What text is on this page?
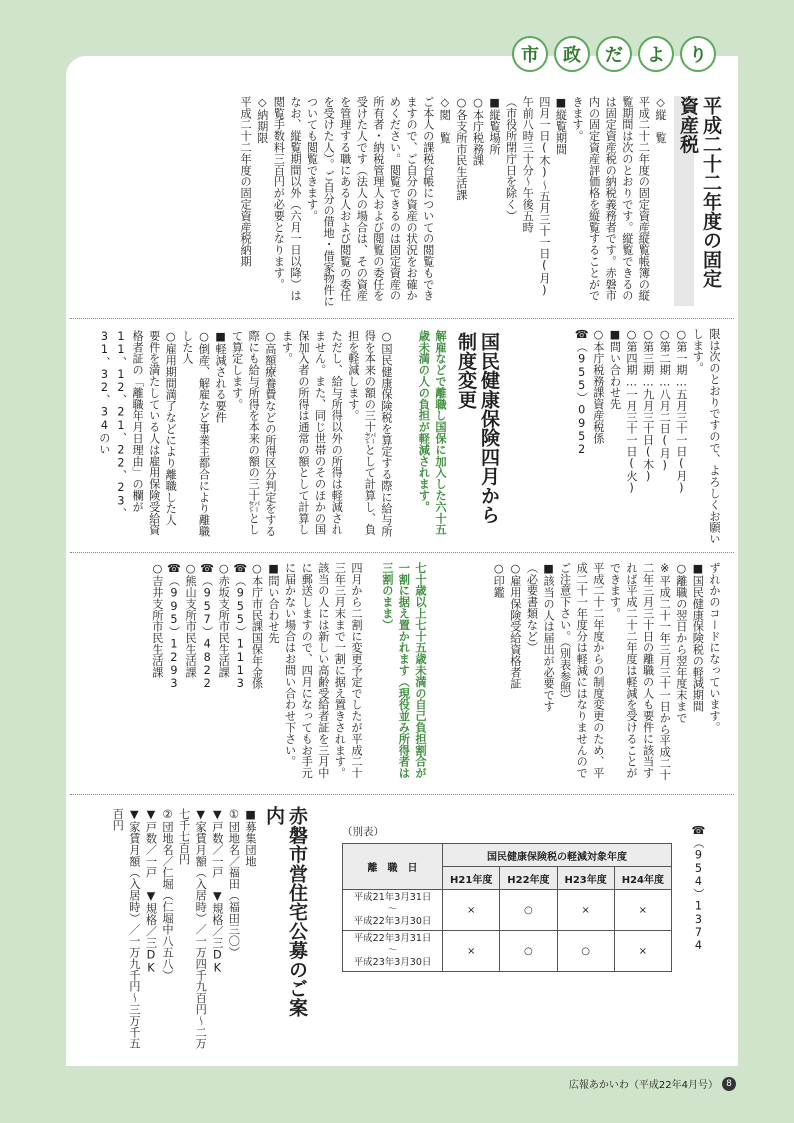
市	政	だ	よ	り
平成二十二年度の固定資産税
◇縦　覧
平成二十二年度の固定資産縦覧帳簿の縦覧期間は次のとおりです。縦覧できるのは固定資産税の納税義務者です。赤磐市内の固定資産評価格を縦覧することができます。
■縦覧期間
四月一日(木)～五月三十一日(月)
午前八時三十分～午後五時
（市役所閉庁日を除く）
■縦覧場所
○本庁税務課
○各支所市民生活課
◇閲　覧
ご本人の課税台帳についての閲覧もできますので、ご自分の資産の状況をお確かめください。閲覧できるのは固定資産の所有者・納税管理人および閲覧の委任を受けた人です（法人の場合は、その資産を管理する職にある人および閲覧の委任を受けた人）。ご自分の借地・借家物件についても閲覧できます。
なお、縦覧期間以外（六月一日以降）は閲覧手数料三百円が必要となります。
◇納期限
平成二十二年度の固定資産税納期
限は次のとおりですので、よろしくお願いします。
○第一期…五月三十一日(月)
○第二期…八月二日(月)
○第三期…九月三十日(木)
○第四期…一月三十一日(火)
■問い合わせ先
○本庁税務課資産税係
☎（955）0952
国民健康保険四月から制度変更
解雇などで離職し国保に加入した六十五歳未満の人の負担が軽減されます。
○国民健康保険税を算定する際に給与所得を本来の額の三十㌫として計算し、負担を軽減します。
ただし、給与所得以外の所得は軽減されません。また、同じ世帯のそのほかの国保加入者の所得は通常の額として計算します。
○高額療養費などの所得区分判定をする際にも給与所得を本来の額の三十㌫として算定します。
■軽減される要件
○倒産、解雇など事業主都合により離職した人
○雇用期間満了などにより離職した人
要件を満たしている人は雇用保険受給資格者証の「離職年月日理由」の欄が11、12、21、22、23、31、32、34のい
ずれかのコードになっています。
■国民健康保険税の軽減期間
○離職の翌日から翌年度末まで
※平成二十一年三月三十一日から平成二十二年三月三十日の離職の人も要件に該当すれば平成二十二年度は軽減を受けることができます。
平成二十二年度からの制度変更のため、平成二十一年度分は軽減にはなりませんのでご注意下さい。（別表参照）
■該当の人は届出が必要です
（必要書類など）
○雇用保険受給資格者証
○印鑑
七十歳以上七十五歳未満の自己負担割合が一割に据え置かれます（現役並み所得者は三割のまま）
四月から二割に変更予定でしたが平成二十三年三月末まで一割に据え置きされます。
該当の人には新しい高齢受給者証を三月中に郵送しますので、四月になってもお手元に届かない場合はお問い合わせ下さい。
■問い合わせ先
○本庁市民課国保年金係
☎（955）1113
○赤坂支所市民生活課
☎（957）4822
○熊山支所市民生活課
☎（995）1293
○吉井支所市民生活課
☎（954）1374
（別表）
離　職　日	国民健康保険税の軽減対象年度			
	H21年度	H22年度	H23年度	H24年度

平成21年3月31日
～
平成22年3月30日	×	○	×	×

平成22年3月31日
～
平成23年3月30日	×	○	○	×
赤磐市営住宅公募のご案内
■募集団地
①団地名／福田（福田三〇）
▼戸数／一戸　▼規格／三DK
▼家賃月額（入居時）／一万四千九百円～二万七千七百円
②団地名／仁堀（仁堀中八五八）
▼戸数／一戸　▼規格／三DK
▼家賃月額（入居時）／一万九千円～三万千五百円
広報あかいわ（平成22年4月号） 8
